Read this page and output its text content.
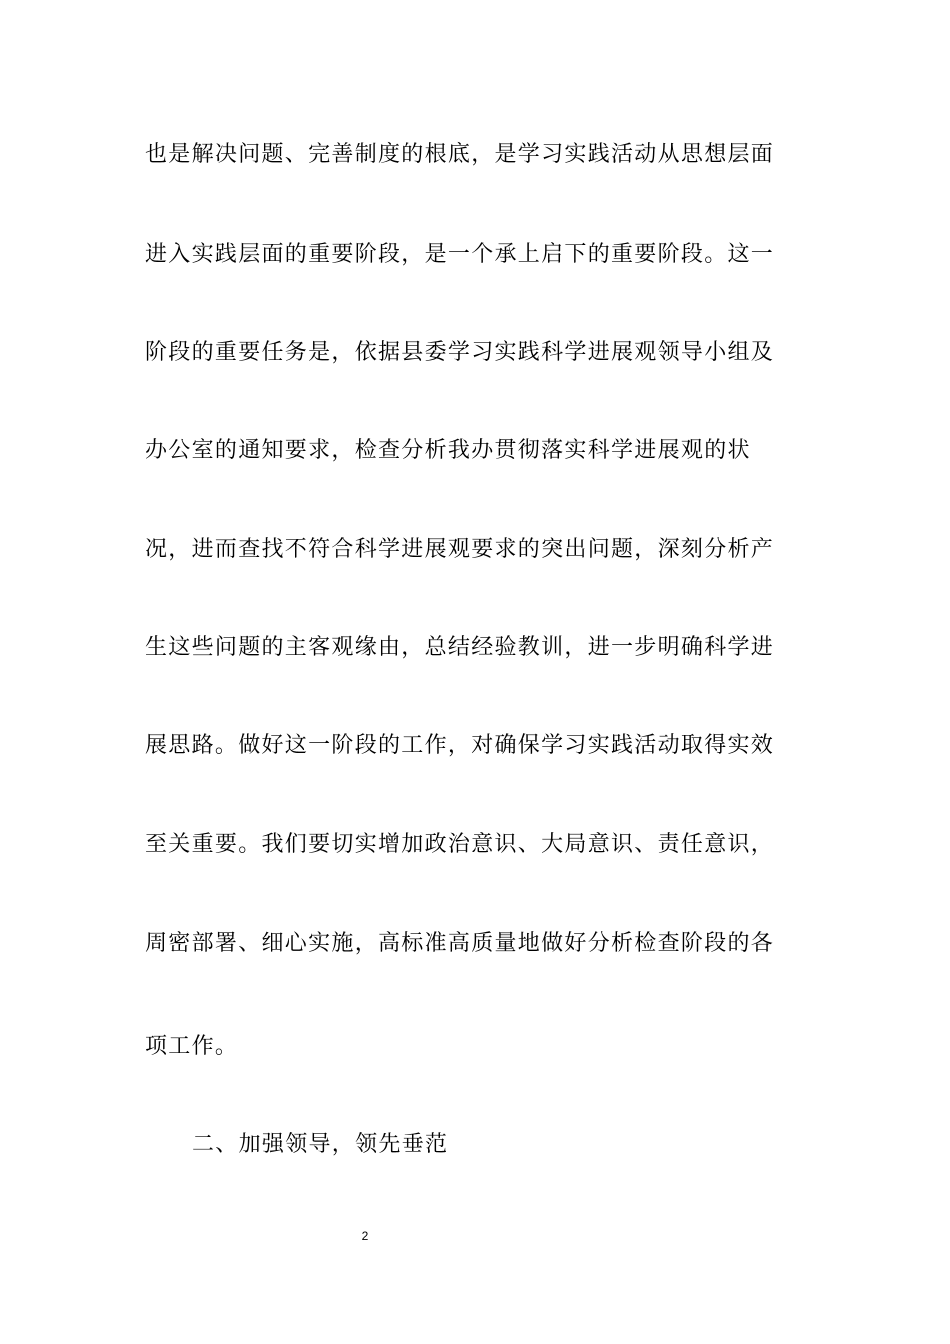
也是解决问题、完善制度的根底，是学习实践活动从思想层面
进入实践层面的重要阶段，是一个承上启下的重要阶段。这一
阶段的重要任务是，依据县委学习实践科学进展观领导小组及
办公室的通知要求，检查分析我办贯彻落实科学进展观的状
况，进而查找不符合科学进展观要求的突出问题，深刻分析产
生这些问题的主客观缘由，总结经验教训，进一步明确科学进
展思路。做好这一阶段的工作，对确保学习实践活动取得实效
至关重要。我们要切实增加政治意识、大局意识、责任意识，
周密部署、细心实施，高标准高质量地做好分析检查阶段的各
项工作。
二、加强领导，领先垂范
2
